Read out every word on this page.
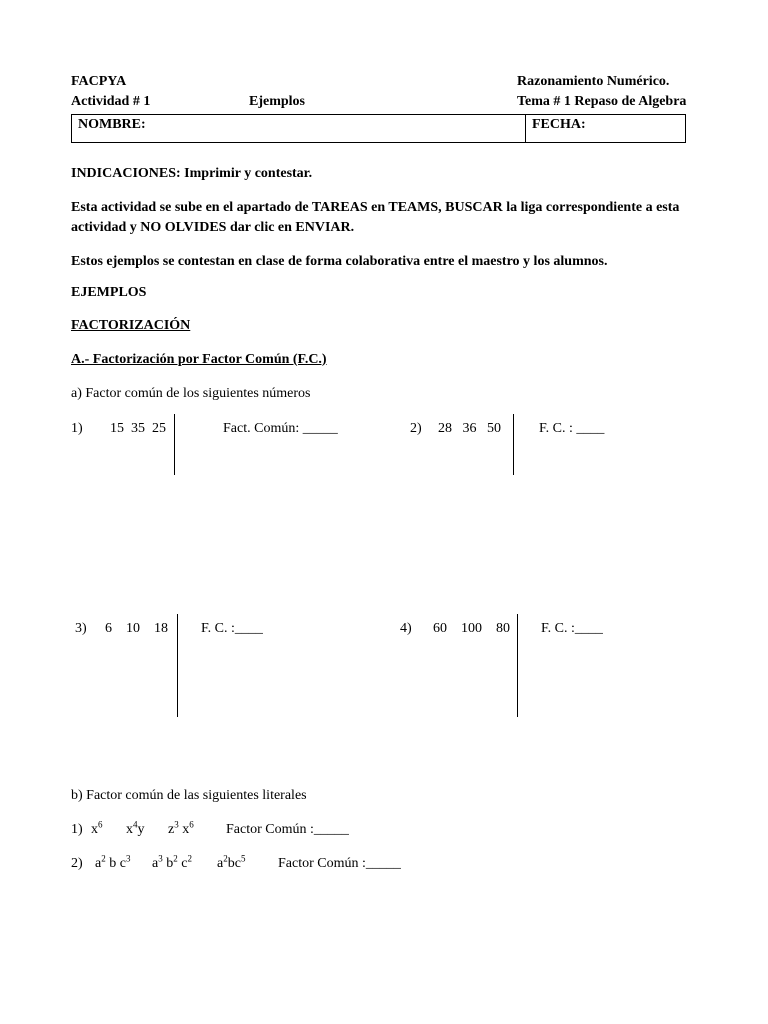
FACPYA
Actividad # 1	Ejemplos
Razonamiento Numérico.
Tema # 1 Repaso de Algebra
NOMBRE:	FECHA:
INDICACIONES: Imprimir y contestar.
Esta actividad se sube en el apartado de TAREAS en TEAMS, BUSCAR la liga correspondiente a esta actividad y NO OLVIDES dar clic en ENVIAR.
Estos ejemplos se contestan en clase de forma colaborativa entre el maestro y los alumnos.
EJEMPLOS
FACTORIZACIÓN
A.- Factorización por Factor Común (F.C.)
a) Factor común de los siguientes números
1) 15  35  25	Fact. Común: _____	2) 28   36   50	F. C. : ____
3) 6    10    18 F. C. :____	4) 60    100    80 F. C. :____
b) Factor común de las siguientes literales
1) $x^6$ $x^4y$ $z^3$ $x^6$ Factor Común :_____
2) $a^2$ b $c^3$ $a^3$ $b^2$ $c^2$ $a^2bc^5$ Factor Común :_____
